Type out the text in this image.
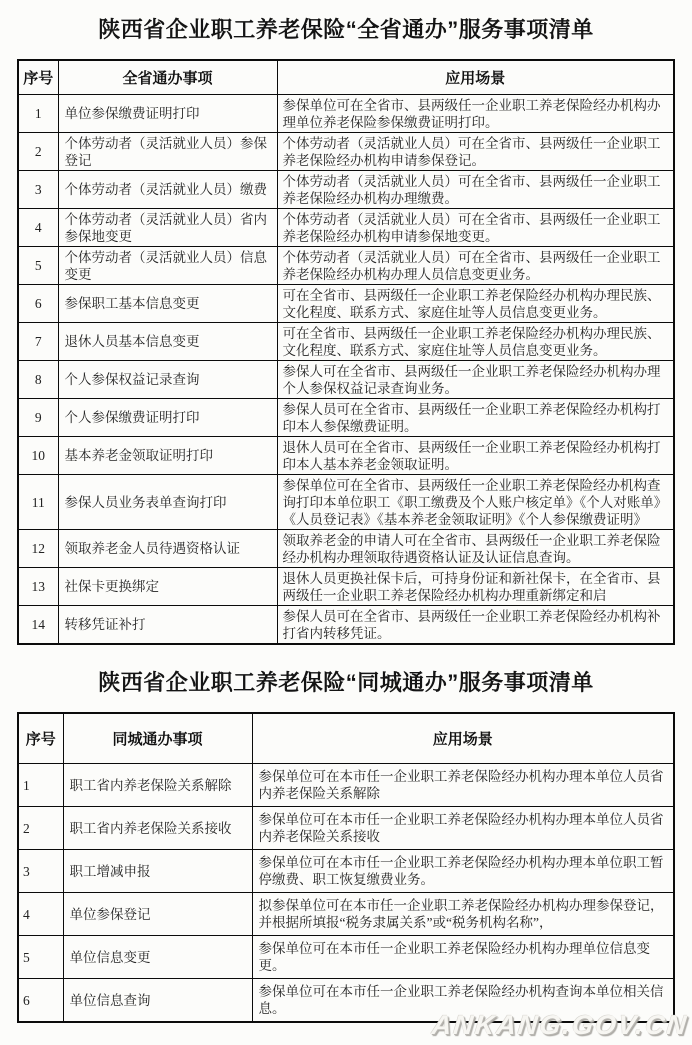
陕西省企业职工养老保险“全省通办”服务事项清单
序号	全省通办事项	应用场景
1	单位参保缴费证明打印	参保单位可在全省市、县两级任一企业职工养老保险经办机构办理单位养老保险参保缴费证明打印。
2	个体劳动者（灵活就业人员）参保登记	个体劳动者（灵活就业人员）可在全省市、县两级任一企业职工养老保险经办机构申请参保登记。
3	个体劳动者（灵活就业人员）缴费	个体劳动者（灵活就业人员）可在全省市、县两级任一企业职工养老保险经办机构办理缴费。
4	个体劳动者（灵活就业人员）省内参保地变更	个体劳动者（灵活就业人员）可在全省市、县两级任一企业职工养老保险经办机构申请参保地变更。
5	个体劳动者（灵活就业人员）信息变更	个体劳动者（灵活就业人员）可在全省市、县两级任一企业职工养老保险经办机构办理人员信息变更业务。
6	参保职工基本信息变更	可在全省市、县两级任一企业职工养老保险经办机构办理民族、文化程度、联系方式、家庭住址等人员信息变更业务。
7	退休人员基本信息变更	可在全省市、县两级任一企业职工养老保险经办机构办理民族、文化程度、联系方式、家庭住址等人员信息变更业务。
8	个人参保权益记录查询	参保人可在全省市、县两级任一企业职工养老保险经办机构办理个人参保权益记录查询业务。
9	个人参保缴费证明打印	参保人员可在全省市、县两级任一企业职工养老保险经办机构打印本人参保缴费证明。
10	基本养老金领取证明打印	退休人员可在全省市、县两级任一企业职工养老保险经办机构打印本人基本养老金领取证明。
11	参保人员业务表单查询打印	参保单位可在全省市、县两级任一企业职工养老保险经办机构查询打印本单位职工《职工缴费及个人账户核定单》《个人对账单》《人员登记表》《基本养老金领取证明》《个人参保缴费证明》
12	领取养老金人员待遇资格认证	领取养老金的申请人可在全省市、县两级任一企业职工养老保险经办机构办理领取待遇资格认证及认证信息查询。
13	社保卡更换绑定	退休人员更换社保卡后，可持身份证和新社保卡，在全省市、县两级任一企业职工养老保险经办机构办理重新绑定和启
14	转移凭证补打	参保人员可在全省市、县两级任一企业职工养老保险经办机构补打省内转移凭证。
陕西省企业职工养老保险“同城通办”服务事项清单
序号	同城通办事项	应用场景
1	职工省内养老保险关系解除	参保单位可在本市任一企业职工养老保险经办机构办理本单位人员省内养老保险关系解除
2	职工省内养老保险关系接收	参保单位可在本市任一企业职工养老保险经办机构办理本单位人员省内养老保险关系接收
3	职工增减申报	参保单位可在本市任一企业职工养老保险经办机构办理本单位职工暂停缴费、职工恢复缴费业务。
4	单位参保登记	拟参保单位可在本市任一企业职工养老保险经办机构办理参保登记，并根据所填报“税务隶属关系”或“税务机构名称”，
5	单位信息变更	参保单位可在本市任一企业职工养老保险经办机构办理单位信息变更。
6	单位信息查询	参保单位可在本市任一企业职工养老保险经办机构查询本单位相关信息。
ANKANG.GOV.CN
